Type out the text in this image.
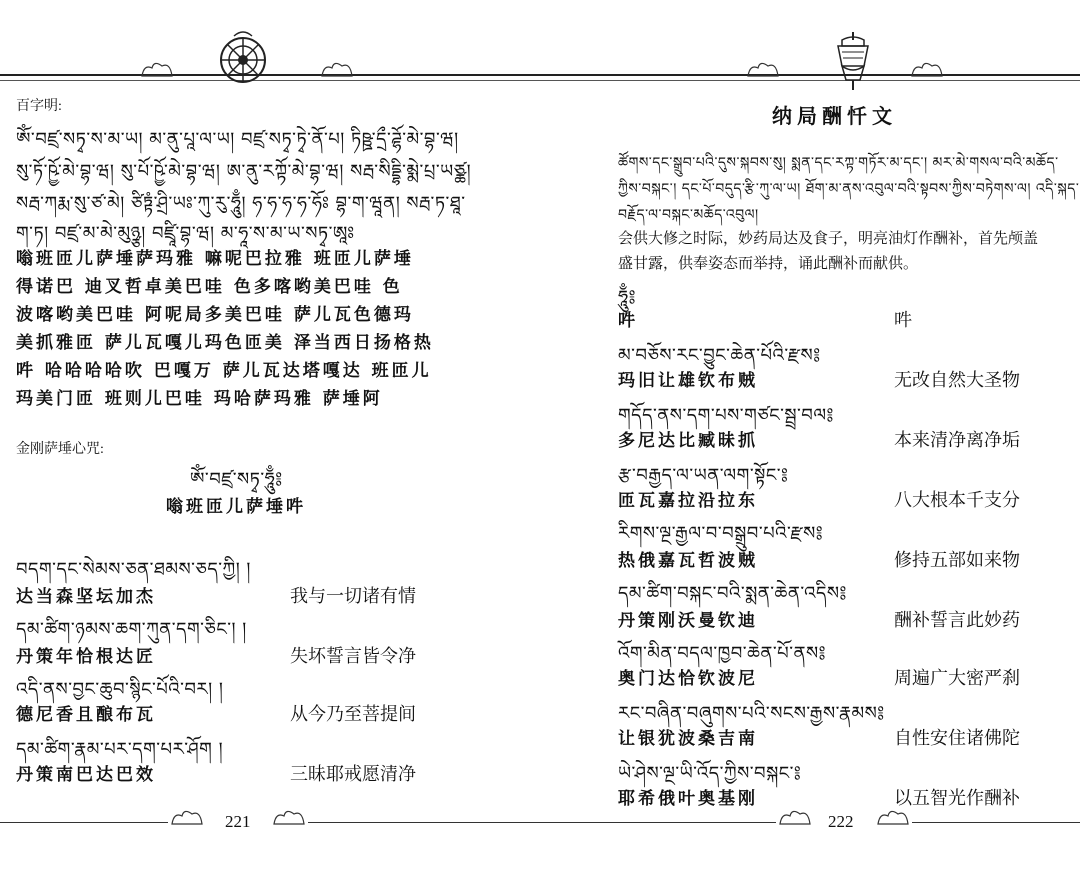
百字明:
ཨོཾ་བཛྲ་སཏྭ་ས་མ་ཡ། མ་ནུ་པཱ་ལ་ཡ། བཛྲ་སཏྭ་ཏྭེ་ནོ་པ། ཏིཥྛ་དྲྀ་ཌྷོ་མེ་བྷ་ཝ།
སུ་ཏོ་ཥྱོ་མེ་བྷ་ཝ། སུ་པོ་ཥྱོ་མེ་བྷ་ཝ། ཨ་ནུ་རཀྟོ་མེ་བྷ་ཝ། སརྦ་སིདྡྷི་མྨེ་པྲ་ཡཙྪ།
སརྦ་ཀརྨ་སུ་ཙ་མེ། ཙིཏྟཾ་ཤྲི་ཡཿ་ཀུ་རུ་ཧཱུྃ། ཧ་ཧ་ཧ་ཧ་ཧོཿ བྷ་ག་ཝཱན། སརྦ་ཏ་ཐཱ་
ག་ཏ། བཛྲ་མ་མེ་མུཉྩ། བཛྲཱི་བྷ་ཝ། མ་ཧཱ་ས་མ་ཡ་སཏྭ་ཨཱཿ
嗡班匝儿萨埵萨玛雅 嘛呢巴拉雅 班匝儿萨埵
得诺巴 迪叉哲卓美巴哇 色多喀哟美巴哇 色
波喀哟美巴哇 阿呢局多美巴哇 萨儿瓦色德玛
美抓雅匝 萨儿瓦嘎儿玛色匝美 泽当西日扬格热
吽 哈哈哈哈吹 巴嘎万 萨儿瓦达塔嘎达 班匝儿
玛美门匝 班则儿巴哇 玛哈萨玛雅 萨埵阿
金刚萨埵心咒:
ཨོཾ་བཛྲ་སཏྭ་ཧཱུྃ༔
嗡班匝儿萨埵吽
བདག་དང་སེམས་ཅན་ཐམས་ཅད་ཀྱི། །
达当森坚坛加杰	我与一切诸有情
དམ་ཚིག་ཉམས་ཆག་ཀུན་དག་ཅིང་། །
丹策年恰根达匠	失坏誓言皆令净
འདི་ནས་བྱང་ཆུབ་སྙིང་པོའི་བར། །
德尼香且酿布瓦	从今乃至菩提间
དམ་ཚིག་རྣམ་པར་དག་པར་ཤོག །
丹策南巴达巴效	三昧耶戒愿清净
221
纳局酬忏文
ཚོགས་དང་སྒྲུབ་པའི་དུས་སྐབས་སུ། སྨན་དང་རཀྟ་གཏོར་མ་དང༌། མར་མེ་གསལ་བའི་མཆོད་
ཀྱིས་བསྐང་། དང་པོ་བདུད་རྩི་ཀུ་ལ་ཡ། ཐོག་མ་ནས་འབུལ་བའི་སྟབས་ཀྱིས་བཏེགས་ལ། འདི་སྐད་
བརྗོད་ལ་བསྐང་མཆོད་འབུལ།
会供大修之时际，妙药局达及食子，明亮油灯作酬补，首先颅盖
盛甘露，供奉姿态而举持，诵此酬补而献供。
ཧཱུྃ༔
吽	吽
མ་བཅོས་རང་བྱུང་ཆེན་པོའི་རྫས༔
玛旧让雄钦布贼	无改自然大圣物
གདོད་ནས་དག་པས་གཙང་སྦྲ་བལ༔
多尼达比臧昧抓	本来清净离净垢
རྩ་བརྒྱད་ལ་ཡན་ལག་སྟོང་༔
匝瓦嘉拉沿拉东	八大根本千支分
རིགས་ལྔ་རྒྱལ་བ་བསྒྲུབ་པའི་རྫས༔
热俄嘉瓦哲波贼	修持五部如来物
དམ་ཚིག་བསྐང་བའི་སྨན་ཆེན་འདིས༔
丹策刚沃曼钦迪	酬补誓言此妙药
འོག་མིན་བདལ་ཁྱབ་ཆེན་པོ་ནས༔
奥门达恰钦波尼	周遍广大密严刹
རང་བཞིན་བཞུགས་པའི་སངས་རྒྱས་རྣམས༔
让银犹波桑吉南	自性安住诸佛陀
ཡེ་ཤེས་ལྔ་ཡི་འོད་ཀྱིས་བསྐང་༔
耶希俄叶奥基刚	以五智光作酬补
222
